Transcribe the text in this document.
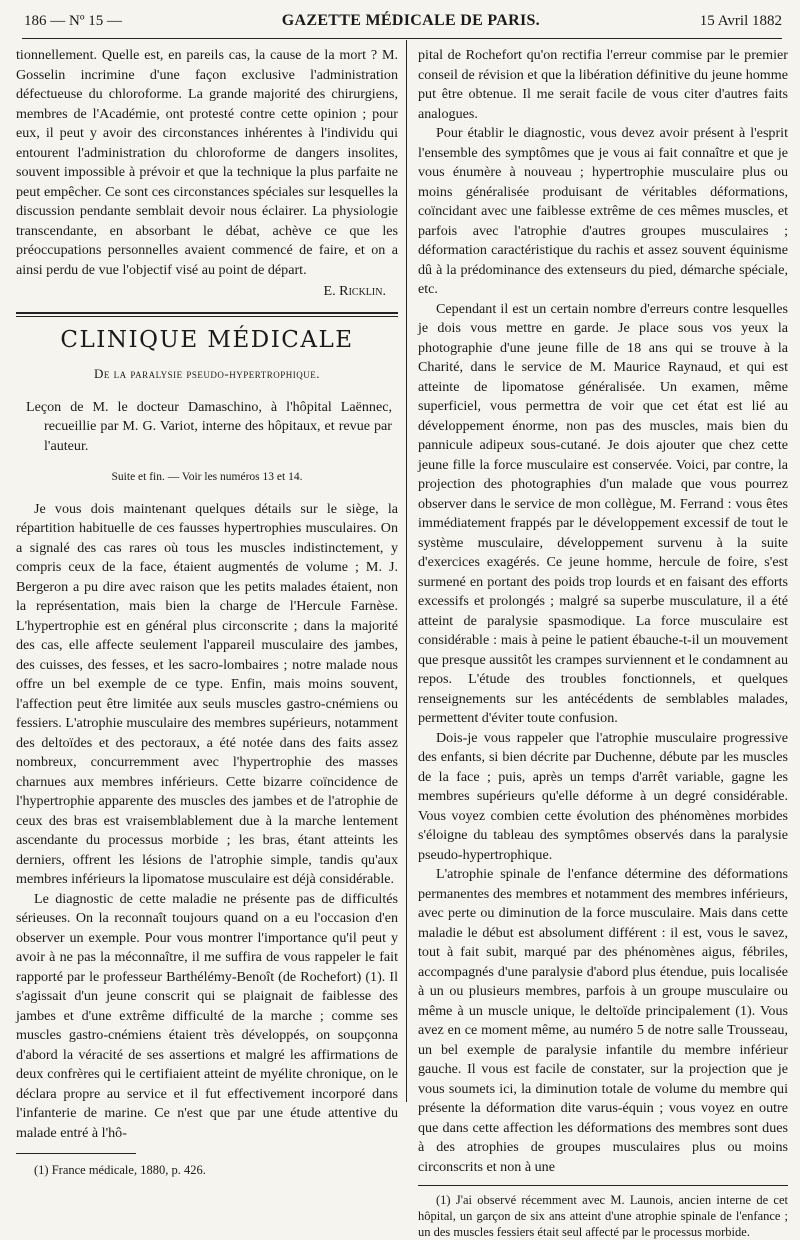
186 — Nº 15 —	GAZETTE MÉDICALE DE PARIS.	15 Avril 1882

tionnellement. Quelle est, en pareils cas, la cause de la mort ? M. Gosselin incrimine d'une façon exclusive l'administration défectueuse du chloroforme. La grande majorité des chirurgiens, membres de l'Académie, ont protesté contre cette opinion ; pour eux, il peut y avoir des circonstances inhérentes à l'individu qui entourent l'administration du chloroforme de dangers insolites, souvent impossible à prévoir et que la technique la plus parfaite ne peut empêcher. Ce sont ces circonstances spéciales sur lesquelles la discussion pendante semblait devoir nous éclairer. La physiologie transcendante, en absorbant le débat, achève ce que les préoccupations personnelles avaient commencé de faire, et on a ainsi perdu de vue l'objectif visé au point de départ.

E. Ricklin.
CLINIQUE MÉDICALE
De la paralysie pseudo-hypertrophique.

Leçon de M. le docteur Damaschino, à l'hôpital Laënnec, recueillie par M. G. Variot, interne des hôpitaux, et revue par l'auteur.

Suite et fin. — Voir les numéros 13 et 14.

Je vous dois maintenant quelques détails sur le siège, la répartition habituelle de ces fausses hypertrophies musculaires. On a signalé des cas rares où tous les muscles indistinctement, y compris ceux de la face, étaient augmentés de volume ; M. J. Bergeron a pu dire avec raison que les petits malades étaient, non la représentation, mais bien la charge de l'Hercule Farnèse. L'hypertrophie est en général plus circonscrite ; dans la majorité des cas, elle affecte seulement l'appareil musculaire des jambes, des cuisses, des fesses, et les sacro-lombaires ; notre malade nous offre un bel exemple de ce type. Enfin, mais moins souvent, l'affection peut être limitée aux seuls muscles gastro-cnémiens ou fessiers. L'atrophie musculaire des membres supérieurs, notamment des deltoïdes et des pectoraux, a été notée dans des faits assez nombreux, concurremment avec l'hypertrophie des masses charnues aux membres inférieurs. Cette bizarre coïncidence de l'hypertrophie apparente des muscles des jambes et de l'atrophie de ceux des bras est vraisemblablement due à la marche lentement ascendante du processus morbide ; les bras, étant atteints les derniers, offrent les lésions de l'atrophie simple, tandis qu'aux membres inférieurs la lipomatose musculaire est déjà considérable.

Le diagnostic de cette maladie ne présente pas de difficultés sérieuses. On la reconnaît toujours quand on a eu l'occasion d'en observer un exemple. Pour vous montrer l'importance qu'il peut y avoir à ne pas la méconnaître, il me suffira de vous rappeler le fait rapporté par le professeur Barthélémy-Benoît (de Rochefort) (1). Il s'agissait d'un jeune conscrit qui se plaignait de faiblesse des jambes et d'une extrême difficulté de la marche ; comme ses muscles gastro-cnémiens étaient très développés, on soupçonna d'abord la véracité de ses assertions et malgré les affirmations de deux confrères qui le certifiaient atteint de myélite chronique, on le déclara propre au service et il fut effectivement incorporé dans l'infanterie de marine. Ce n'est que par une étude attentive du malade entré à l'hô-

(1) France médicale, 1880, p. 426.

pital de Rochefort qu'on rectifia l'erreur commise par le premier conseil de révision et que la libération définitive du jeune homme put être obtenue. Il me serait facile de vous citer d'autres faits analogues.

Pour établir le diagnostic, vous devez avoir présent à l'esprit l'ensemble des symptômes que je vous ai fait connaître et que je vous énumère à nouveau ; hypertrophie musculaire plus ou moins généralisée produisant de véritables déformations, coïncidant avec une faiblesse extrême de ces mêmes muscles, et parfois avec l'atrophie d'autres groupes musculaires ; déformation caractéristique du rachis et assez souvent équinisme dû à la prédominance des extenseurs du pied, démarche spéciale, etc.

Cependant il est un certain nombre d'erreurs contre lesquelles je dois vous mettre en garde. Je place sous vos yeux la photographie d'une jeune fille de 18 ans qui se trouve à la Charité, dans le service de M. Maurice Raynaud, et qui est atteinte de lipomatose généralisée. Un examen, même superficiel, vous permettra de voir que cet état est lié au développement énorme, non pas des muscles, mais bien du pannicule adipeux sous-cutané. Je dois ajouter que chez cette jeune fille la force musculaire est conservée. Voici, par contre, la projection des photographies d'un malade que vous pourrez observer dans le service de mon collègue, M. Ferrand : vous êtes immédiatement frappés par le développement excessif de tout le système musculaire, développement survenu à la suite d'exercices exagérés. Ce jeune homme, hercule de foire, s'est surmené en portant des poids trop lourds et en faisant des efforts excessifs et prolongés ; malgré sa superbe musculature, il a été atteint de paralysie spasmodique. La force musculaire est considérable : mais à peine le patient ébauche-t-il un mouvement que presque aussitôt les crampes surviennent et le condamnent au repos. L'étude des troubles fonctionnels, et quelques renseignements sur les antécédents de semblables malades, permettent d'éviter toute confusion.

Dois-je vous rappeler que l'atrophie musculaire progressive des enfants, si bien décrite par Duchenne, débute par les muscles de la face ; puis, après un temps d'arrêt variable, gagne les membres supérieurs qu'elle déforme à un degré considérable. Vous voyez combien cette évolution des phénomènes morbides s'éloigne du tableau des symptômes observés dans la paralysie pseudo-hypertrophique.

L'atrophie spinale de l'enfance détermine des déformations permanentes des membres et notamment des membres inférieurs, avec perte ou diminution de la force musculaire. Mais dans cette maladie le début est absolument différent : il est, vous le savez, tout à fait subit, marqué par des phénomènes aigus, fébriles, accompagnés d'une paralysie d'abord plus étendue, puis localisée à un ou plusieurs membres, parfois à un groupe musculaire ou même à un muscle unique, le deltoïde principalement (1). Vous avez en ce moment même, au numéro 5 de notre salle Trousseau, un bel exemple de paralysie infantile du membre inférieur gauche. Il vous est facile de constater, sur la projection que je vous soumets ici, la diminution totale de volume du membre qui présente la déformation dite varus-équin ; vous voyez en outre que dans cette affection les déformations des membres sont dues à des atrophies de groupes musculaires plus ou moins circonscrits et non à une

(1) J'ai observé récemment avec M. Launois, ancien interne de cet hôpital, un garçon de six ans atteint d'une atrophie spinale de l'enfance ; un des muscles fessiers était seul affecté par le processus morbide.
